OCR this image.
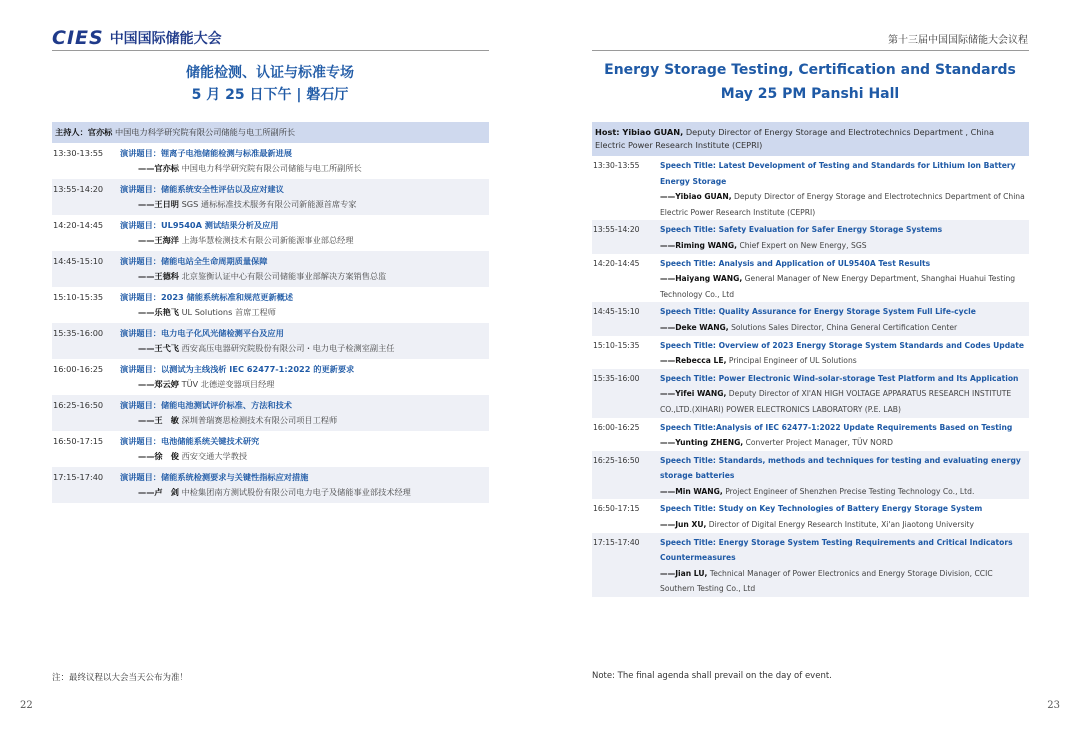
CIES 中国国际储能大会
储能检测、认证与标准专场
5 月 25 日下午 | 磐石厅
主持人：官亦标 中国电力科学研究院有限公司储能与电工所副所长
13:30-13:55	演讲题目：锂离子电池储能检测与标准最新进展
——官亦标 中国电力科学研究院有限公司储能与电工所副所长
13:55-14:20	演讲题目：储能系统安全性评估以及应对建议
——王日明 SGS 通标标准技术服务有限公司新能源首席专家
14:20-14:45	演讲题目：UL9540A 测试结果分析及应用
——王海洋 上海华慧检测技术有限公司新能源事业部总经理
14:45-15:10	演讲题目：储能电站全生命周期质量保障
——王德科 北京鉴衡认证中心有限公司储能事业部解决方案销售总监
15:10-15:35	演讲题目：2023 储能系统标准和规范更新概述
——乐艳飞 UL Solutions 首席工程师
15:35-16:00	演讲题目：电力电子化风光储检测平台及应用
——王弋飞 西安高压电器研究院股份有限公司・电力电子检测室副主任
16:00-16:25	演讲题目：以测试为主线浅析 IEC 62477-1:2022 的更新要求
——郑云婷 TÜV 北德逆变器项目经理
16:25-16:50	演讲题目：储能电池测试评价标准、方法和技术
——王　敏 深圳普瑞赛思检测技术有限公司项目工程师
16:50-17:15	演讲题目：电池储能系统关键技术研究
——徐　俊 西安交通大学教授
17:15-17:40	演讲题目：储能系统检测要求与关键性指标应对措施
——卢　剑 中检集团南方测试股份有限公司电力电子及储能事业部技术经理
注：最终议程以大会当天公布为准！
22
第十三届中国国际储能大会议程
Energy Storage Testing, Certification and Standards
May 25 PM Panshi Hall
Host: Yibiao GUAN, Deputy Director of Energy Storage and Electrotechnics Department , China Electric Power Research Institute (CEPRI)
13:30-13:55	Speech Title: Latest Development of Testing and Standards for Lithium Ion Battery Energy Storage
——Yibiao GUAN, Deputy Director of Energy Storage and Electrotechnics Department of China Electric Power Research Institute (CEPRI)
13:55-14:20	Speech Title: Safety Evaluation for Safer Energy Storage Systems
——Riming WANG, Chief Expert on New Energy, SGS
14:20-14:45	Speech Title: Analysis and Application of UL9540A Test Results
——Haiyang WANG, General Manager of New Energy Department, Shanghai Huahui Testing Technology Co., Ltd
14:45-15:10	Speech Title: Quality Assurance for Energy Storage System Full Life-cycle
——Deke WANG, Solutions Sales Director, China General Certification Center
15:10-15:35	Speech Title: Overview of 2023 Energy Storage System Standards and Codes Update
——Rebecca LE, Principal Engineer of UL Solutions
15:35-16:00	Speech Title: Power Electronic Wind-solar-storage Test Platform and Its Application
——Yifei WANG, Deputy Director of XI'AN HIGH VOLTAGE APPARATUS RESEARCH INSTITUTE CO.,LTD.(XIHARI) POWER ELECTRONICS LABORATORY (P.E. LAB)
16:00-16:25	Speech Title:Analysis of IEC 62477-1:2022 Update Requirements Based on Testing
——Yunting ZHENG, Converter Project Manager, TÜV NORD
16:25-16:50	Speech Title: Standards, methods and techniques for testing and evaluating energy storage batteries
——Min WANG, Project Engineer of Shenzhen Precise Testing Technology Co., Ltd.
16:50-17:15	Speech Title: Study on Key Technologies of Battery Energy Storage System
——Jun XU, Director of Digital Energy Research Institute, Xi'an Jiaotong University
17:15-17:40	Speech Title: Energy Storage System Testing Requirements and Critical Indicators Countermeasures
——Jian LU, Technical Manager of Power Electronics and Energy Storage Division, CCIC Southern Testing Co., Ltd
Note: The final agenda shall prevail on the day of event.
23
